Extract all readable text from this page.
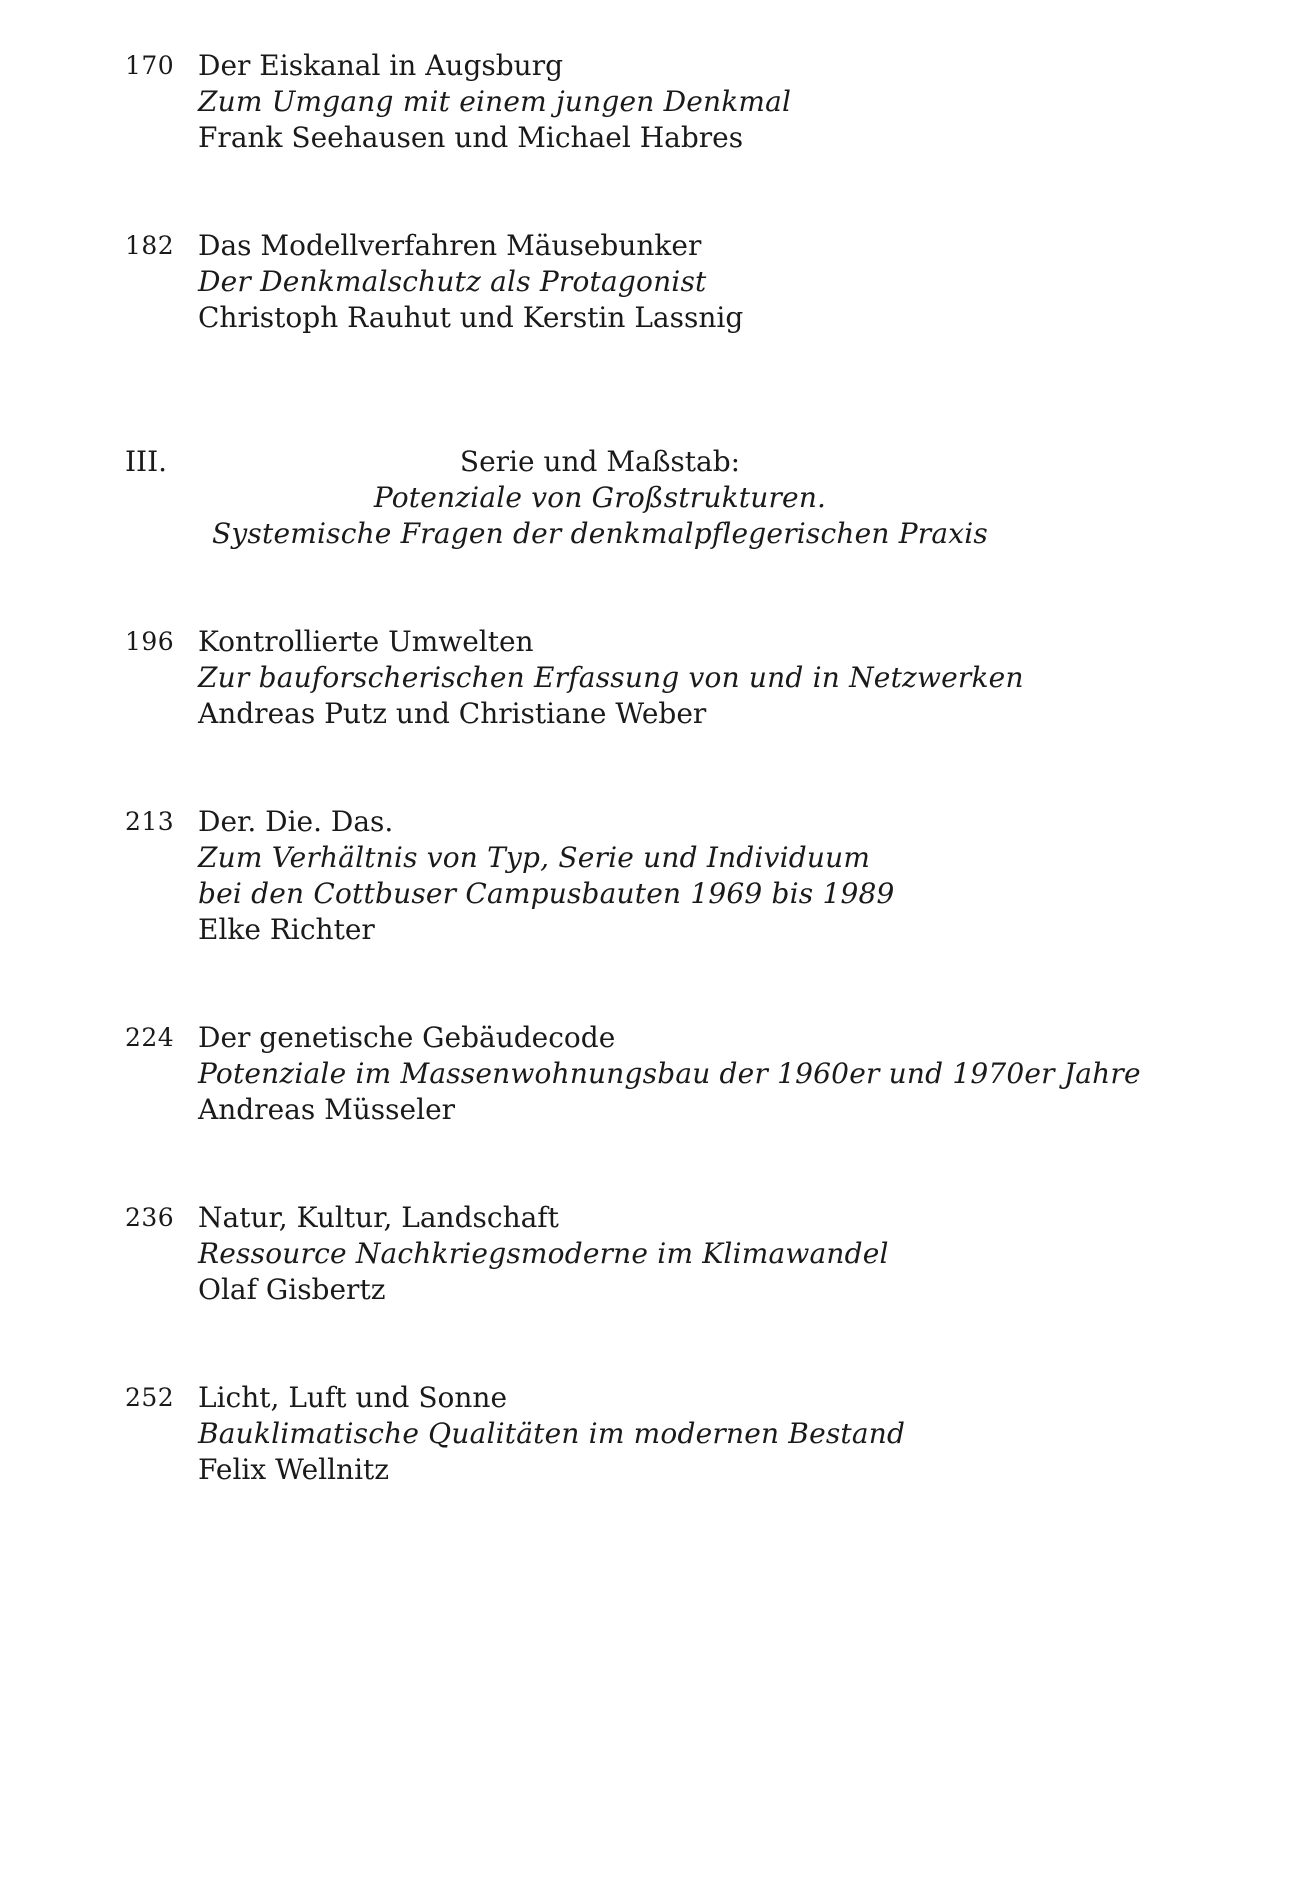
170 Der Eiskanal in Augsburg
Zum Umgang mit einem jungen Denkmal
Frank Seehausen und Michael Habres
182 Das Modellverfahren Mäusebunker
Der Denkmalschutz als Protagonist
Christoph Rauhut und Kerstin Lassnig
III.	Serie und Maßstab:
Potenziale von Großstrukturen.
Systemische Fragen der denkmalpflegerischen Praxis
196 Kontrollierte Umwelten
Zur bauforscherischen Erfassung von und in Netzwerken
Andreas Putz und Christiane Weber
213 Der. Die. Das.
Zum Verhältnis von Typ, Serie und Individuum
bei den Cottbuser Campusbauten 1969 bis 1989
Elke Richter
224 Der genetische Gebäudecode
Potenziale im Massenwohnungsbau der 1960er und 1970er Jahre
Andreas Müsseler
236 Natur, Kultur, Landschaft
Ressource Nachkriegsmoderne im Klimawandel
Olaf Gisbertz
252 Licht, Luft und Sonne
Bauklimatische Qualitäten im modernen Bestand
Felix Wellnitz
